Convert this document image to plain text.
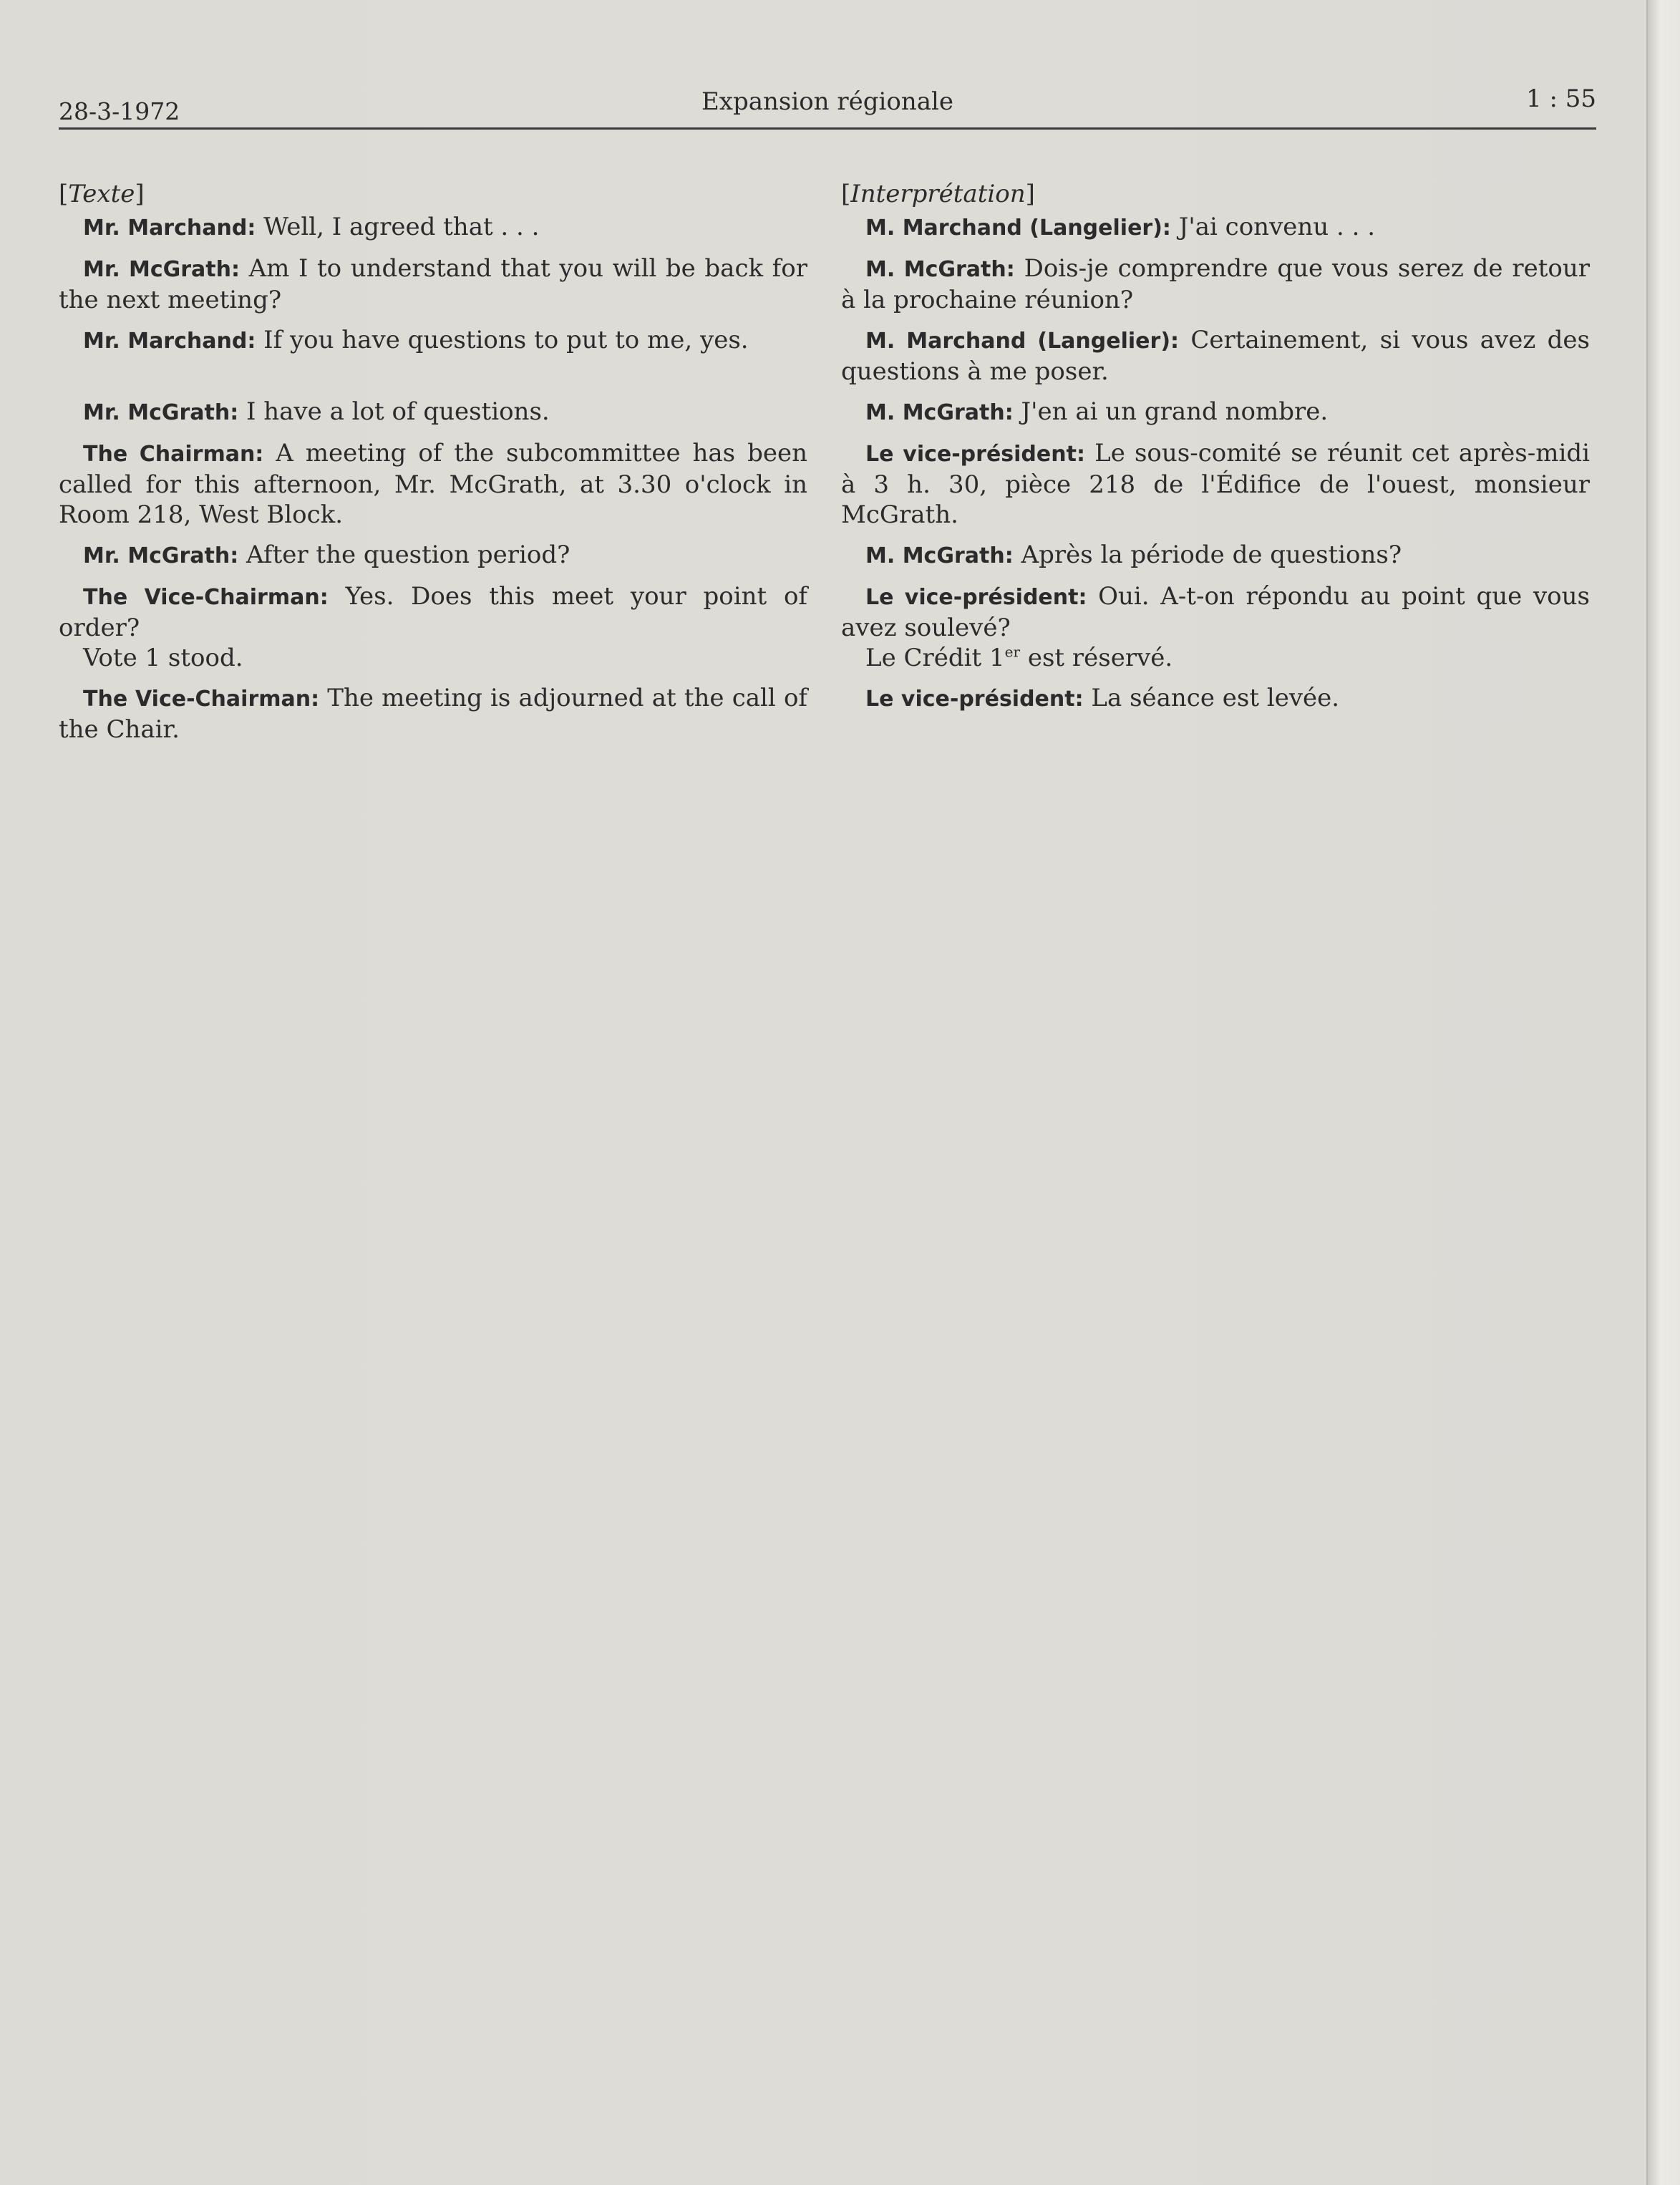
28-3-1972	Expansion régionale	1 : 55
[Texte]

Mr. Marchand: Well, I agreed that . . .

Mr. McGrath: Am I to understand that you will be back for the next meeting?

Mr. Marchand: If you have questions to put to me, yes.

Mr. McGrath: I have a lot of questions.

The Chairman: A meeting of the subcommittee has been called for this afternoon, Mr. McGrath, at 3.30 o'clock in Room 218, West Block.

Mr. McGrath: After the question period?

The Vice-Chairman: Yes. Does this meet your point of order?

Vote 1 stood.

The Vice-Chairman: The meeting is adjourned at the call of the Chair.

[Interprétation]

M. Marchand (Langelier): J'ai convenu . . .

M. McGrath: Dois-je comprendre que vous serez de retour à la prochaine réunion?

M. Marchand (Langelier): Certainement, si vous avez des questions à me poser.

M. McGrath: J'en ai un grand nombre.

Le vice-président: Le sous-comité se réunit cet après-midi à 3 h. 30, pièce 218 de l'Édifice de l'ouest, monsieur McGrath.

M. McGrath: Après la période de questions?

Le vice-président: Oui. A-t-on répondu au point que vous avez soulevé?

Le Crédit 1er est réservé.

Le vice-président: La séance est levée.
